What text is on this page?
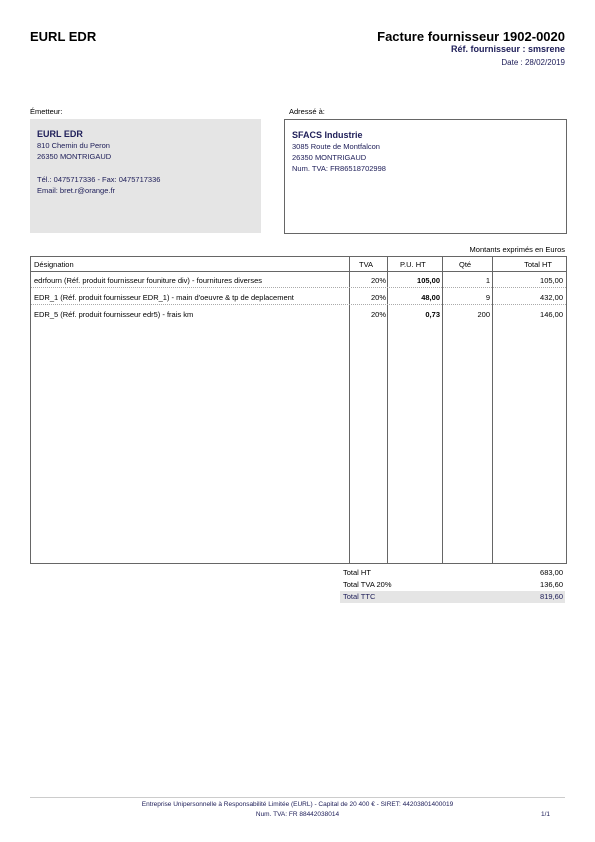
EURL EDR	Facture fournisseur 1902-0020
Réf. fournisseur : smsrene
Date : 28/02/2019
Émetteur:
EURL EDR
810 Chemin du Peron
26350 MONTRIGAUD
Tél.: 0475717336 - Fax: 0475717336
Email: bret.r@orange.fr
Adressé à:
SFACS Industrie
3085 Route de Montfalcon
26350 MONTRIGAUD
Num. TVA: FR86518702998
Montants exprimés en Euros
Désignation	TVA	P.U. HT	Qté	Total HT
edrfourn (Réf. produit fournisseur founiture div) - fournitures diverses	20%	105,00	1	105,00
EDR_1 (Réf. produit fournisseur EDR_1) - main d'oeuvre & tp de deplacement	20%	48,00	9	432,00
EDR_5 (Réf. produit fournisseur edr5) - frais km	20%	0,73	200	146,00
Total HT	683,00
Total TVA 20%	136,60
Total TTC	819,60
Entreprise Unipersonnelle à Responsabilité Limitée (EURL) - Capital de 20 400 € - SIRET: 44203801400019
Num. TVA: FR 88442038014	1/1
